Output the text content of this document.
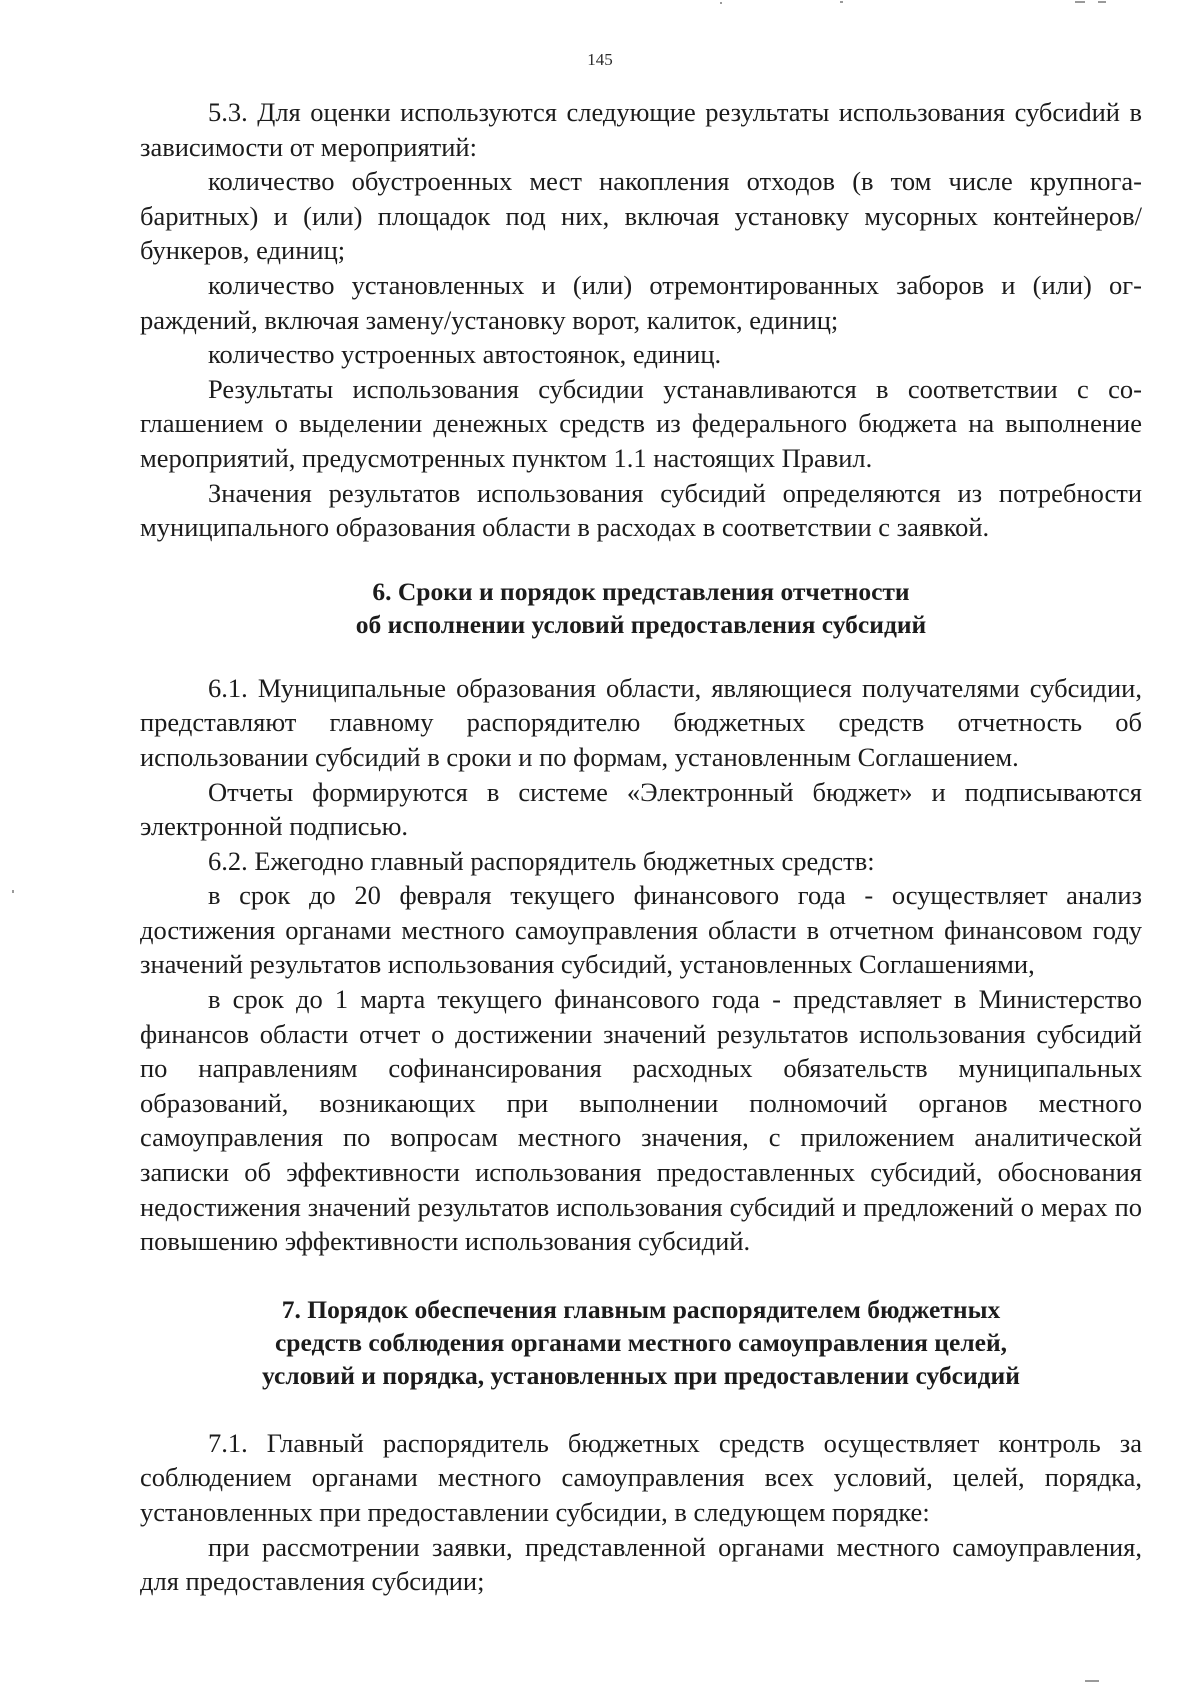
145

5.3. Для оценки используются следующие результаты использования субсиdий в зависимости от мероприятий:

количество обустроенных мест накопления отходов (в том числе крупногабаритных) и (или) площадок под них, включая установку мусорных контейнеров/бункеров, единиц;

количество установленных и (или) отремонтированных заборов и (или) ограждений, включая замену/установку ворот, калиток, единиц;

количество устроенных автостоянок, единиц.

Результаты использования субсидии устанавливаются в соответствии с соглашением о выделении денежных средств из федерального бюджета на выполнение мероприятий, предусмотренных пунктом 1.1 настоящих Правил.

Значения результатов использования субсидий определяются из потребности муниципального образования области в расходах в соответствии с заявкой.

6. Сроки и порядок представления отчетности
об исполнении условий предоставления субсидий

6.1. Муниципальные образования области, являющиеся получателями субсидии, представляют главному распорядителю бюджетных средств отчетность об использовании субсидий в сроки и по формам, установленным Соглашением.

Отчеты формируются в системе «Электронный бюджет» и подписываются электронной подписью.

6.2. Ежегодно главный распорядитель бюджетных средств:

в срок до 20 февраля текущего финансового года - осуществляет анализ достижения органами местного самоуправления области в отчетном финансовом году значений результатов использования субсидий, установленных Соглашениями,

в срок до 1 марта текущего финансового года - представляет в Министерство финансов области отчет о достижении значений результатов использования субсидий по направлениям софинансирования расходных обязательств муниципальных образований, возникающих при выполнении полномочий органов местного самоуправления по вопросам местного значения, с приложением аналитической записки об эффективности использования предоставленных субсидий, обоснования недостижения значений результатов использования субсидий и предложений о мерах по повышению эффективности использования субсидий.

7. Порядок обеспечения главным распорядителем бюджетных
средств соблюдения органами местного самоуправления целей,
условий и порядка, установленных при предоставлении субсидий

7.1. Главный распорядитель бюджетных средств осуществляет контроль за соблюдением органами местного самоуправления всех условий, целей, порядка, установленных при предоставлении субсидии, в следующем порядке:

при рассмотрении заявки, представленной органами местного самоуправления, для предоставления субсидии;
